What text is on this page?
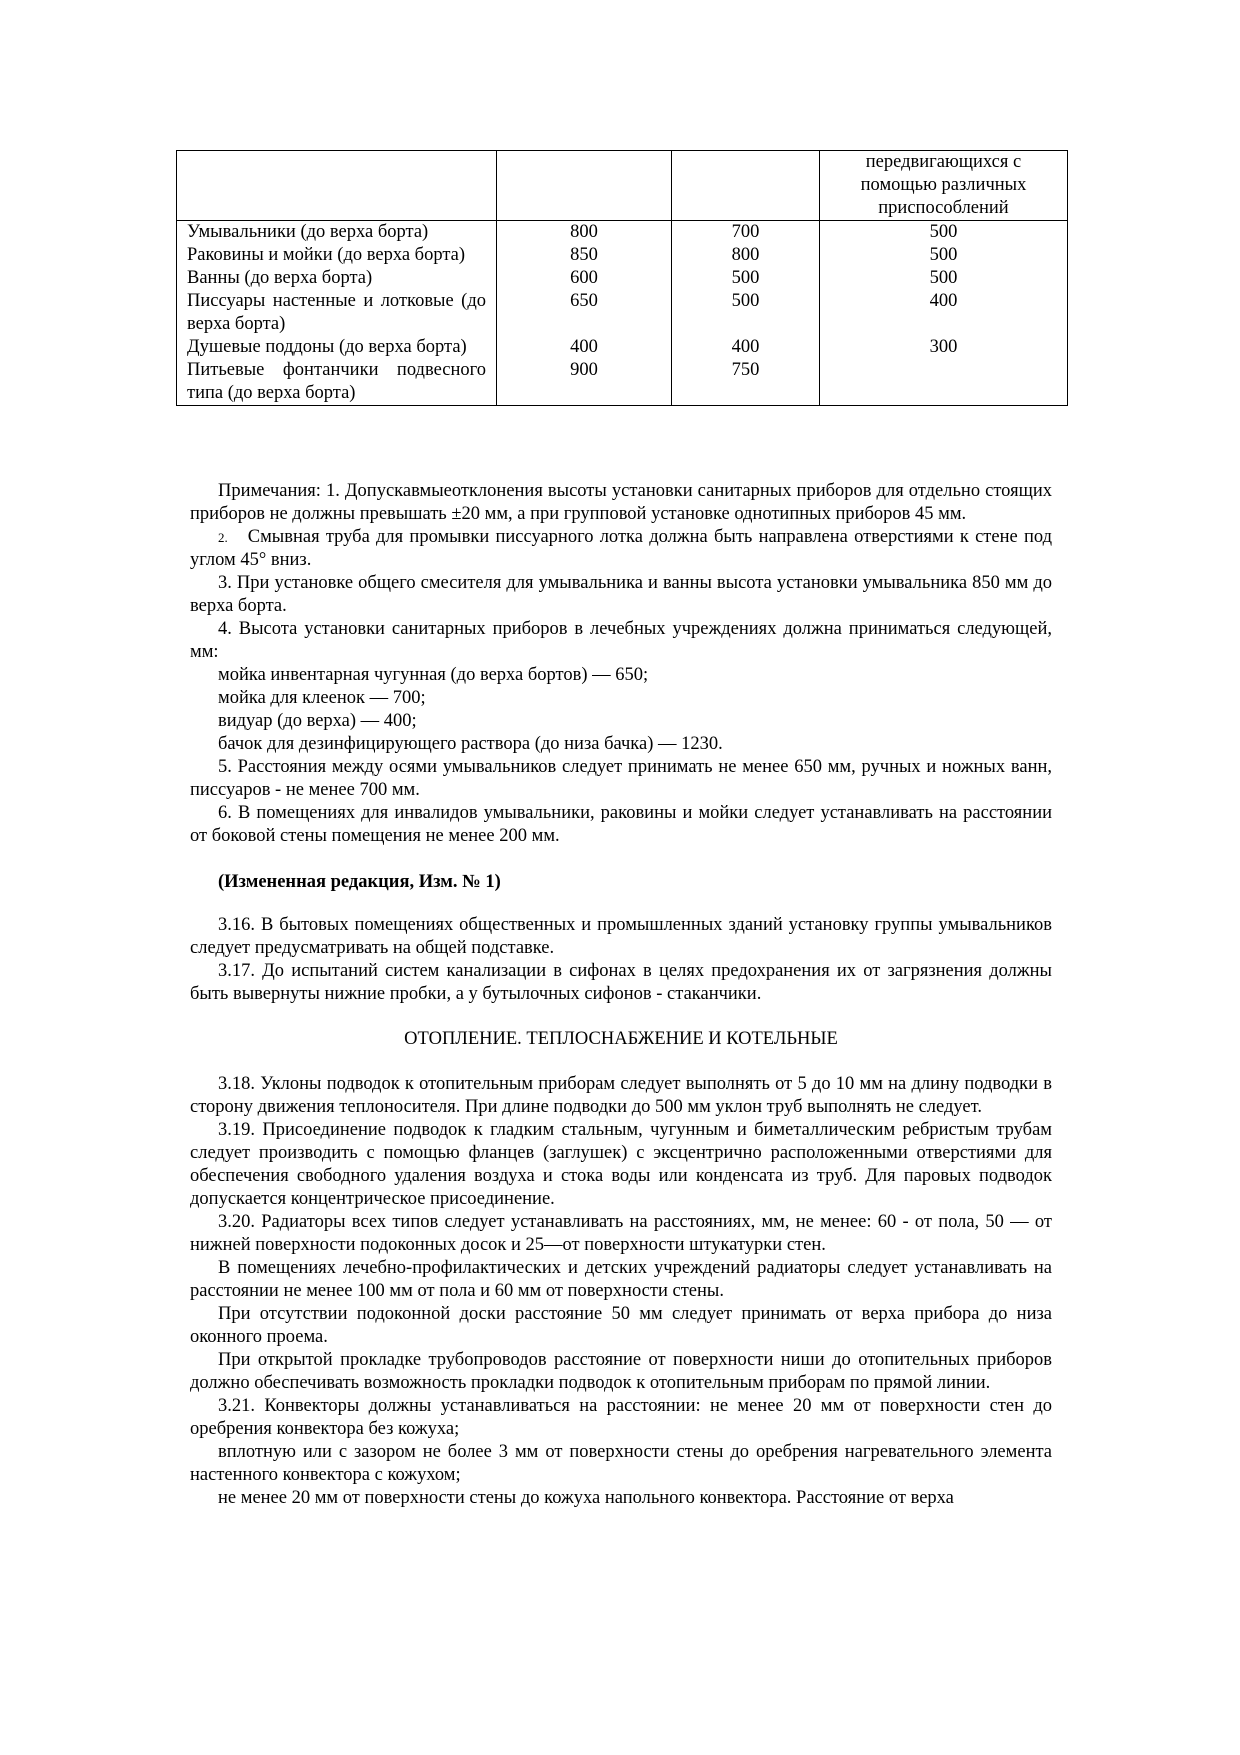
			передвигающихся с помощью различных приспособлений
Умывальники (до верха борта)	800	700	500
Раковины и мойки (до верха борта)	850	800	500
Ванны (до верха борта)	600	500	500
Писсуары настенные и лотковые (до верха борта)	650	500	400
Душевые поддоны (до верха борта)	400	400	300
Питьевые фонтанчики подвесного типа (до верха борта)	900	750	

Примечания: 1. Допускавмыеотклонения высоты установки санитарных приборов для отдельно стоящих приборов не должны превышать ±20 мм, а при групповой установке однотипных приборов 45 мм.

2. Смывная труба для промывки писсуарного лотка должна быть направлена отверстиями к стене под углом 45° вниз.

3. При установке общего смесителя для умывальника и ванны высота установки умывальника 850 мм до верха борта.

4. Высота установки санитарных приборов в лечебных учреждениях должна приниматься следующей, мм:

мойка инвентарная чугунная (до верха бортов) — 650;

мойка для клеенок — 700;

видуар (до верха) — 400;

бачок для дезинфицирующего раствора (до низа бачка) — 1230.

5. Расстояния между осями умывальников следует принимать не менее 650 мм, ручных и ножных ванн, писсуаров - не менее 700 мм.

6. В помещениях для инвалидов умывальники, раковины и мойки следует устанавливать на расстоянии от боковой стены помещения не менее 200 мм.

(Измененная редакция, Изм. № 1)

3.16. В бытовых помещениях общественных и промышленных зданий установку группы умывальников следует предусматривать на общей подставке.

3.17. До испытаний систем канализации в сифонах в целях предохранения их от загрязнения должны быть вывернуты нижние пробки, а у бутылочных сифонов - стаканчики.

ОТОПЛЕНИЕ. ТЕПЛОСНАБЖЕНИЕ И КОТЕЛЬНЫЕ

3.18. Уклоны подводок к отопительным приборам следует выполнять от 5 до 10 мм на длину подводки в сторону движения теплоносителя. При длине подводки до 500 мм уклон труб выполнять не следует.

3.19. Присоединение подводок к гладким стальным, чугунным и биметаллическим ребристым трубам следует производить с помощью фланцев (заглушек) с эксцентрично расположенными отверстиями для обеспечения свободного удаления воздуха и стока воды или конденсата из труб. Для паровых подводок допускается концентрическое присоединение.

3.20. Радиаторы всех типов следует устанавливать на расстояниях, мм, не менее: 60 - от пола, 50 — от нижней поверхности подоконных досок и 25—от поверхности штукатурки стен.

В помещениях лечебно-профилактических и детских учреждений радиаторы следует устанавливать на расстоянии не менее 100 мм от пола и 60 мм от поверхности стены.

При отсутствии подоконной доски расстояние 50 мм следует принимать от верха прибора до низа оконного проема.

При открытой прокладке трубопроводов расстояние от поверхности ниши до отопительных приборов должно обеспечивать возможность прокладки подводок к отопительным приборам по прямой линии.

3.21. Конвекторы должны устанавливаться на расстоянии: не менее 20 мм от поверхности стен до оребрения конвектора без кожуха;

вплотную или с зазором не более 3 мм от поверхности стены до оребрения нагревательного элемента настенного конвектора с кожухом;

не менее 20 мм от поверхности стены до кожуха напольного конвектора. Расстояние от верха
